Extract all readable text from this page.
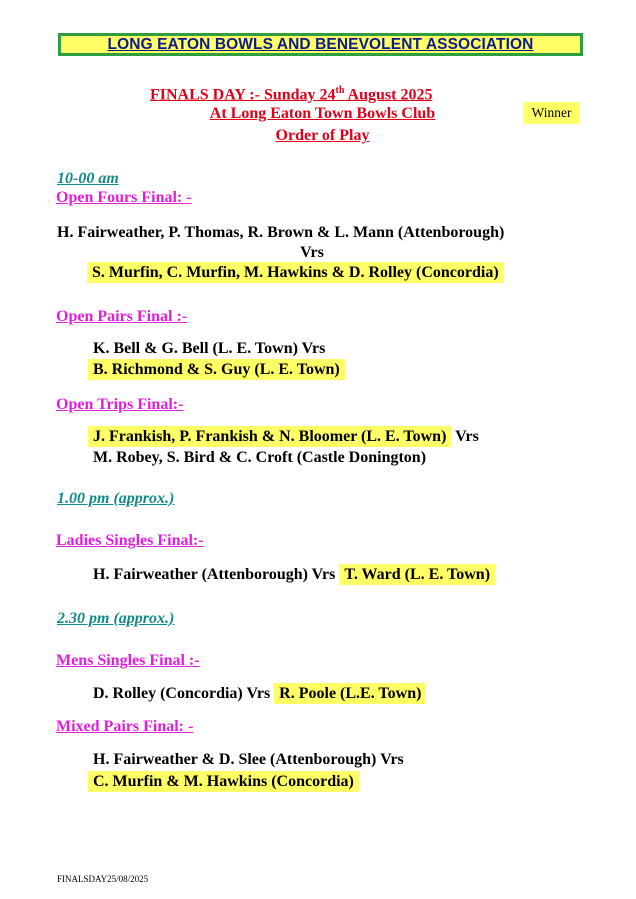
LONG EATON BOWLS AND BENEVOLENT ASSOCIATION
FINALS DAY :- Sunday 24th August 2025
At Long Eaton Town Bowls Club
Order of Play
Winner
10-00 am
Open Fours Final: -
H. Fairweather, P. Thomas, R. Brown & L. Mann (Attenborough)
Vrs
S. Murfin, C. Murfin, M. Hawkins & D. Rolley (Concordia)
Open Pairs Final :-
K. Bell & G. Bell (L. E. Town) Vrs
B. Richmond & S. Guy (L. E. Town)
Open Trips Final:-
J. Frankish, P. Frankish & N. Bloomer (L. E. Town) Vrs
M. Robey, S. Bird & C. Croft (Castle Donington)
1.00 pm (approx.)
Ladies Singles Final:-
H. Fairweather (Attenborough) Vrs T. Ward (L. E. Town)
2.30 pm (approx.)
Mens Singles Final :-
D. Rolley (Concordia) Vrs R. Poole (L.E. Town)
Mixed Pairs Final: -
H. Fairweather & D. Slee (Attenborough) Vrs
C. Murfin & M. Hawkins (Concordia)
FINALSDAY25/08/2025
